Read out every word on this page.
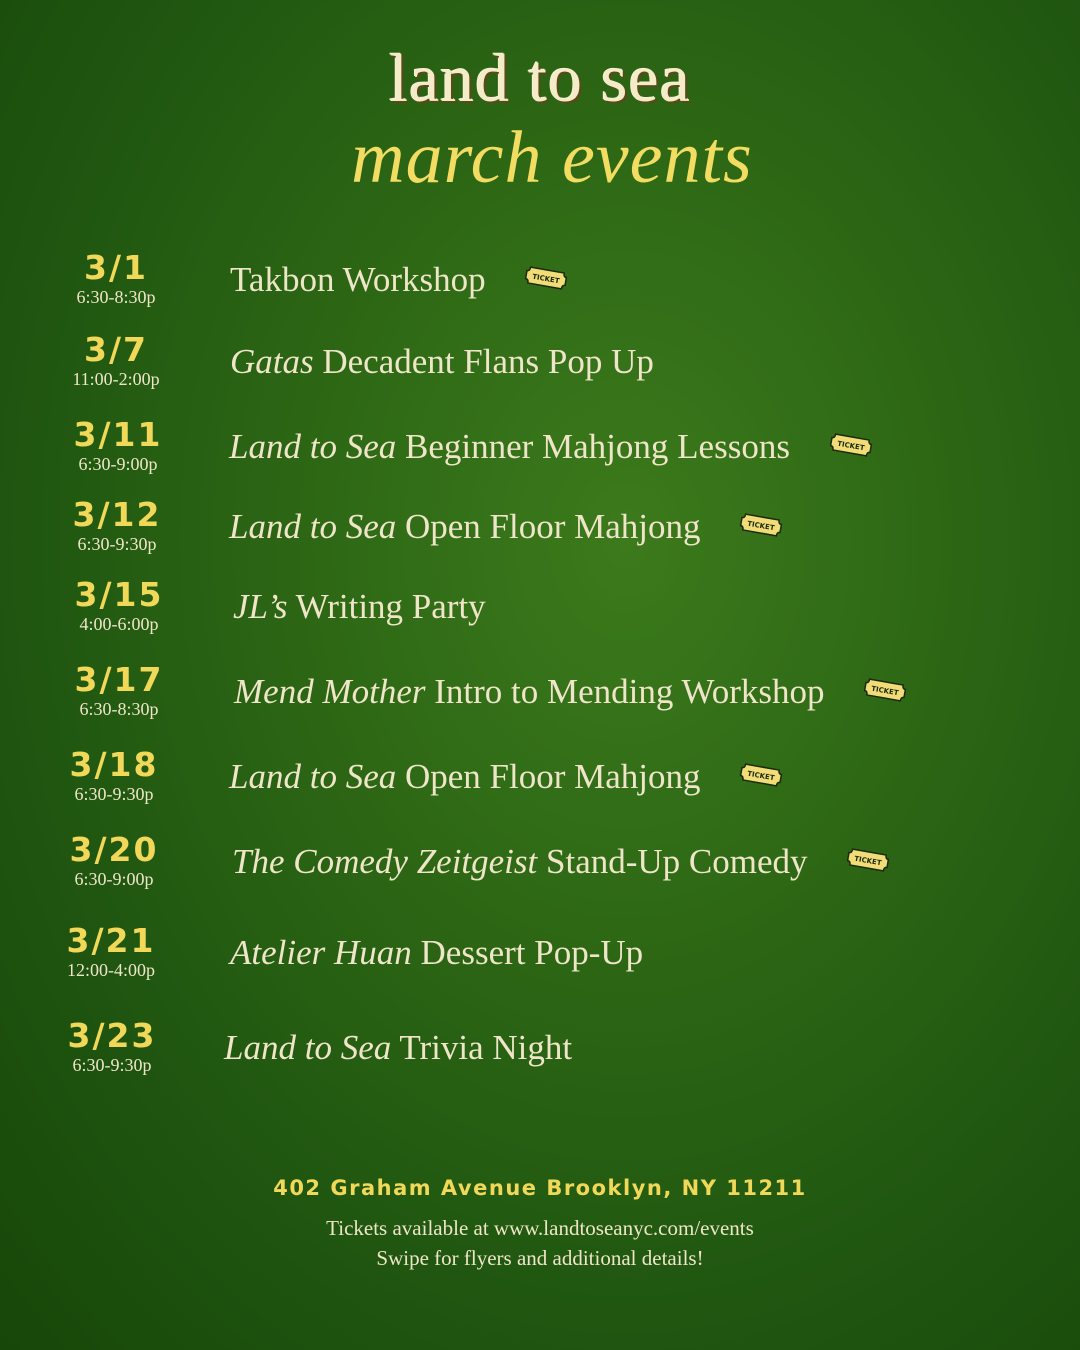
land to sea
march events
3/1
6:30-8:30p	Takbon Workshop	TICKET
3/7
11:00-2:00p	Gatas Decadent Flans Pop Up
3/11
6:30-9:00p	Land to Sea Beginner Mahjong Lessons	TICKET
3/12
6:30-9:30p	Land to Sea Open Floor Mahjong	TICKET
3/15
4:00-6:00p	JL’s Writing Party
3/17
6:30-8:30p	Mend Mother Intro to Mending Workshop	TICKET
3/18
6:30-9:30p	Land to Sea Open Floor Mahjong	TICKET
3/20
6:30-9:00p	The Comedy Zeitgeist Stand-Up Comedy	TICKET
3/21
12:00-4:00p	Atelier Huan Dessert Pop-Up
3/23
6:30-9:30p	Land to Sea Trivia Night
402 Graham Avenue Brooklyn, NY 11211
Tickets available at www.landtoseanyc.com/events
Swipe for flyers and additional details!
